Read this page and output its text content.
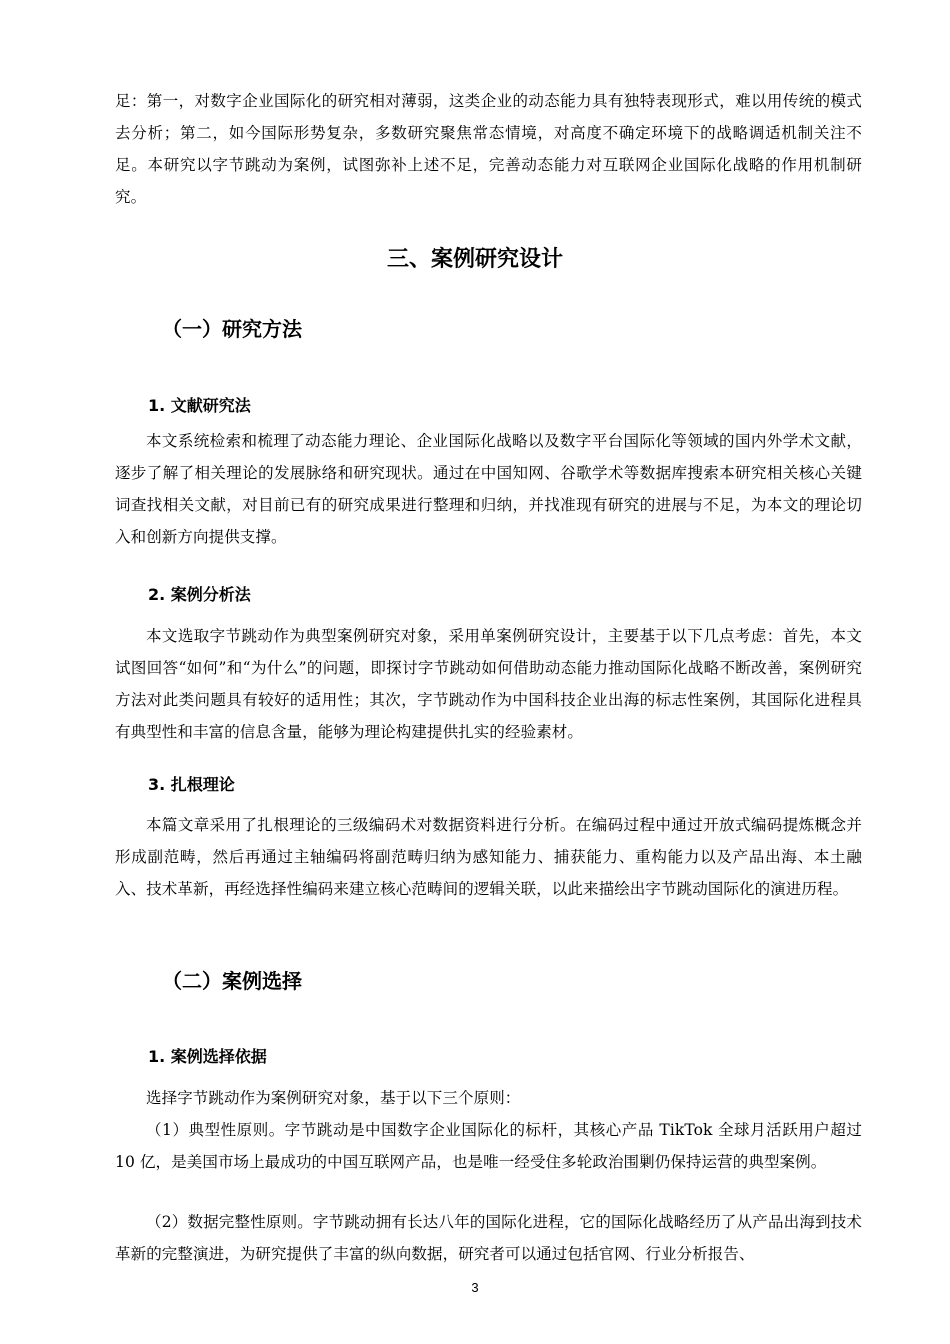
足：第一，对数字企业国际化的研究相对薄弱，这类企业的动态能力具有独特表现形式，难以用传统的模式去分析；第二，如今国际形势复杂，多数研究聚焦常态情境，对高度不确定环境下的战略调适机制关注不足。本研究以字节跳动为案例，试图弥补上述不足，完善动态能力对互联网企业国际化战略的作用机制研究。

三、案例研究设计
（一）研究方法
1. 文献研究法

本文系统检索和梳理了动态能力理论、企业国际化战略以及数字平台国际化等领域的国内外学术文献，逐步了解了相关理论的发展脉络和研究现状。通过在中国知网、谷歌学术等数据库搜索本研究相关核心关键词查找相关文献，对目前已有的研究成果进行整理和归纳，并找准现有研究的进展与不足，为本文的理论切入和创新方向提供支撑。

2. 案例分析法

本文选取字节跳动作为典型案例研究对象，采用单案例研究设计，主要基于以下几点考虑：首先，本文试图回答“如何”和“为什么”的问题，即探讨字节跳动如何借助动态能力推动国际化战略不断改善，案例研究方法对此类问题具有较好的适用性；其次，字节跳动作为中国科技企业出海的标志性案例，其国际化进程具有典型性和丰富的信息含量，能够为理论构建提供扎实的经验素材。

3. 扎根理论

本篇文章采用了扎根理论的三级编码术对数据资料进行分析。在编码过程中通过开放式编码提炼概念并形成副范畴，然后再通过主轴编码将副范畴归纳为感知能力、捕获能力、重构能力以及产品出海、本土融入、技术革新，再经选择性编码来建立核心范畴间的逻辑关联，以此来描绘出字节跳动国际化的演进历程。

（二）案例选择
1. 案例选择依据

选择字节跳动作为案例研究对象，基于以下三个原则：

（1）典型性原则。字节跳动是中国数字企业国际化的标杆，其核心产品 TikTok 全球月活跃用户超过 10 亿，是美国市场上最成功的中国互联网产品，也是唯一经受住多轮政治围剿仍保持运营的典型案例。

（2）数据完整性原则。字节跳动拥有长达八年的国际化进程，它的国际化战略经历了从产品出海到技术革新的完整演进，为研究提供了丰富的纵向数据，研究者可以通过包括官网、行业分析报告、

3
